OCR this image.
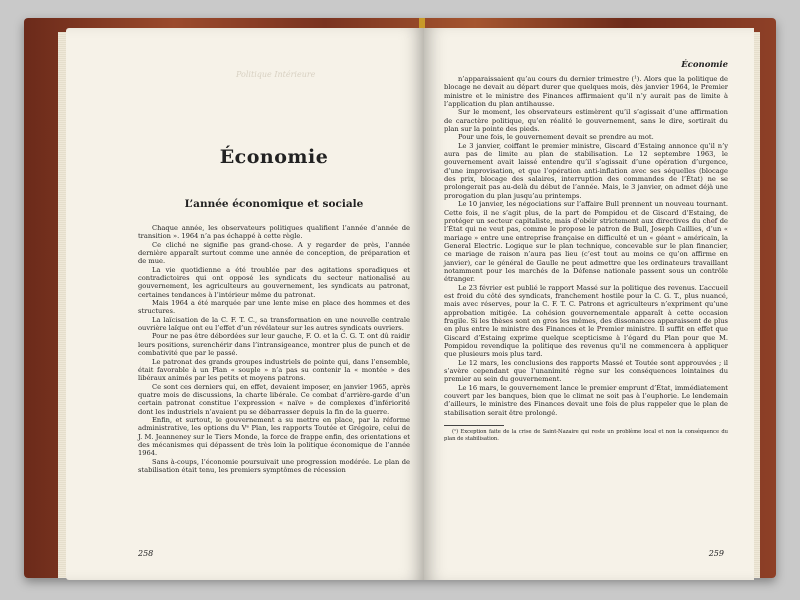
Politique Intérieure
Économie
L’année économique et sociale

Chaque année, les observateurs politiques qualifient l’année d’année de transition ». 1964 n’a pas échappé à cette règle.

Ce cliché ne signifie pas grand-chose. A y regarder de près, l’année dernière apparaît surtout comme une année de conception, de préparation et de mue.

La vie quotidienne a été troublée par des agitations sporadiques et contradictoires qui ont opposé les syndicats du secteur nationalisé au gouvernement, les agriculteurs au gouvernement, les syndicats au patronat, certaines tendances à l’intérieur même du patronat.

Mais 1964 a été marquée par une lente mise en place des hommes et des structures.

La laïcisation de la C. F. T. C., sa transformation en une nouvelle centrale ouvrière laïque ont eu l’effet d’un révélateur sur les autres syndicats ouvriers.

Pour ne pas être débordées sur leur gauche, F. O. et la C. G. T. ont dû raidir leurs positions, surenchérir dans l’intransigeance, montrer plus de punch et de combativité que par le passé.

Le patronat des grands groupes industriels de pointe qui, dans l’ensemble, était favorable à un Plan « souple » n’a pas su contenir la « montée » des libéraux animés par les petits et moyens patrons.

Ce sont ces derniers qui, en effet, devaient imposer, en janvier 1965, après quatre mois de discussions, la charte libérale. Ce combat d’arrière-garde d’un certain patronat constitue l’expression « naïve » de complexes d’infériorité dont les industriels n’avaient pu se débarrasser depuis la fin de la guerre.

Enfin, et surtout, le gouvernement a su mettre en place, par la réforme administrative, les options du Vᵉ Plan, les rapports Toutée et Grégoire, celui de J. M. Jeanneney sur le Tiers Monde, la force de frappe enfin, des orientations et des mécanismes qui dépassent de très loin la politique économique de l’année 1964.

Sans à-coups, l’économie poursuivait une progression modérée. Le plan de stabilisation était tenu, les premiers symptômes de récession

258
Économie

n’apparaissaient qu’au cours du dernier trimestre (¹). Alors que la politique de blocage ne devait au départ durer que quelques mois, dès janvier 1964, le Premier ministre et le ministre des Finances affirmaient qu’il n’y aurait pas de limite à l’application du plan antihausse.

Sur le moment, les observateurs estimèrent qu’il s’agissait d’une affirmation de caractère politique, qu’en réalité le gouvernement, sans le dire, sortirait du plan sur la pointe des pieds.

Pour une fois, le gouvernement devait se prendre au mot.

Le 3 janvier, coiffant le premier ministre, Giscard d’Estaing annonce qu’il n’y aura pas de limite au plan de stabilisation. Le 12 septembre 1963, le gouvernement avait laissé entendre qu’il s’agissait d’une opération d’urgence, d’une improvisation, et que l’opération anti-inflation avec ses séquelles (blocage des prix, blocage des salaires, interruption des commandes de l’État) ne se prolongerait pas au-delà du début de l’année. Mais, le 3 janvier, on admet déjà une prorogation du plan jusqu’au printemps.

Le 10 janvier, les négociations sur l’affaire Bull prennent un nouveau tournant. Cette fois, il ne s’agit plus, de la part de Pompidou et de Giscard d’Estaing, de protéger un secteur capitaliste, mais d’obéir strictement aux directives du chef de l’État qui ne veut pas, comme le propose le patron de Bull, Joseph Caillies, d’un « mariage » entre une entreprise française en difficulté et un « géant » américain, la General Electric. Logique sur le plan technique, concevable sur le plan financier, ce mariage de raison n’aura pas lieu (c’est tout au moins ce qu’on affirme en janvier), car le général de Gaulle ne peut admettre que les ordinateurs travaillant notamment pour les marchés de la Défense nationale passent sous un contrôle étranger.

Le 23 février est publié le rapport Massé sur la politique des revenus. L’accueil est froid du côté des syndicats, franchement hostile pour la C. G. T., plus nuancé, mais avec réserves, pour la C. F. T. C. Patrons et agriculteurs n’expriment qu’une approbation mitigée. La cohésion gouvernementale apparaît à cette occasion fragile. Si les thèses sont en gros les mêmes, des dissonances apparaissent de plus en plus entre le ministre des Finances et le Premier ministre. Il suffit en effet que Giscard d’Estaing exprime quelque scepticisme à l’égard du Plan pour que M. Pompidou revendique la politique des revenus qu’il ne commencera à appliquer que plusieurs mois plus tard.

Le 12 mars, les conclusions des rapports Massé et Toutée sont approuvées ; il s’avère cependant que l’unanimité règne sur les conséquences lointaines du premier au sein du gouvernement.

Le 16 mars, le gouvernement lance le premier emprunt d’État, immédiatement couvert par les banques, bien que le climat ne soit pas à l’euphorie. Le lendemain d’ailleurs, le ministre des Finances devait une fois de plus rappeler que le plan de stabilisation serait être prolongé.

(¹) Exception faite de la crise de Saint-Nazaire qui reste un problème local et non la conséquence du plan de stabilisation.

259
